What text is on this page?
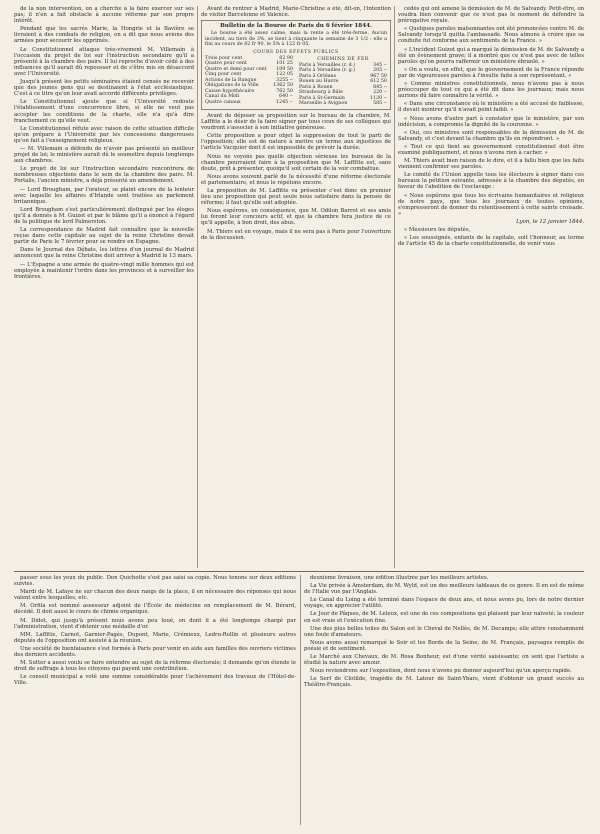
de la non intervention, on a cherché à la faire exercer sur ses pas; il n'en a fait obstacle à aucune réforme par son propre intérêt.

Pendant que les sacrés Marie, la Hongrie et la Bavière se livraient à des combats de religion, on a dit que nous avions des armées pour secourir les opprimés.

Le Constitutionnel attaque très-vivement M. Villemain à l'occasion du projet de loi sur l'instruction secondaire qu'il a présenté à la chambre des pairs. Il lui reproche d'avoir cédé à des influences qu'il aurait dû repousser et de s'être mis en désaccord avec l'Université.

Jusqu'à présent les petits séminaires étaient censés ne recevoir que des jeunes gens qui se destinaient à l'état ecclésiastique. C'est à ce titre qu'on leur avait accordé différents privilèges.

Le Constitutionnel ajoute que si l'Université redoute l'établissement d'une concurrence libre, si elle ne veut pas accepter les conditions de la charte, elle n'a qu'à dire franchement ce qu'elle veut.

Le Constitutionnel réfute avec raison de cette situation difficile qu'on prépare à l'Université par les concessions dangereuses qu'on fait à l'enseignement religieux.

— M. Villemain a défendu de n'avoir pas présenté un meilleur projet de loi; le ministère aurait dû le soumettre depuis longtemps aux chambres.

Le projet de loi sur l'instruction secondaire rencontrera de nombreuses objections dans le sein de la chambre des pairs. M. Portalis, l'ancien ministre, a déjà présenté un amendement.

— Lord Brougham, par l'orateur, se plaint encore de la lenteur avec laquelle les affaires d'Irlande sont traitées au parlement britannique.

Lord Brougham s'est particulièrement distingué par les éloges qu'il a donnés à M. Guizot et par le blâme qu'il a énoncé à l'égard de la politique de lord Palmerston.

La correspondance de Madrid fait connaître que la nouvelle reçue dans cette capitale au sujet de la reine Christine devait partir de Paris le 7 février pour se rendre en Espagne.

Dans le Journal des Débats, les lettres d'un journal de Madrid annoncent que la reine Christine doit arriver à Madrid le 13 mars.

— L'Espagne a une armée de quatre-vingt mille hommes qui est employée à maintenir l'ordre dans les provinces et à surveiller les frontières.

Avant de rentrer à Madrid, Marie-Christine a été, dit-on, l'intention de visiter Barcelonne et Valence.

Bulletin de la Bourse de Paris du 6 février 1844.

Le bourse a été assez calme, mais la rente a été très-ferme. Aucun incident, au tiers de 3%, se tient à cinquante la semaine de 3 1/2 : elle a fini au cours de 82 fr 90, le 5% à 122 fr 05.

COURS DES EFFETS PUBLICS
Trois pour cent	82 90
Quatre pour cent	101 25
Quatre et demi pour cent 109 50
Cinq pour cent	122 05
Actions de la Banque	3255 --
Obligations de la Ville	1362 50
Caisse hypothécaire	762 50
Canal du Midi	640 --
Quatre canaux	1245 --
CHEMINS DE FER
Paris à Versailles (r. d.)	345 --
Paris à Versailles (r. g.)	205 --
Paris à Orléans	967 50
Rouen au Havre	612 50
Paris à Rouen	845 --
Strasbourg à Bâle	220 --
Paris à St-Germain	1120 --
Marseille à Avignon	585 --

Avant de déposer sa proposition sur le bureau de la chambre, M. Laffitte a le désir de la faire signer par tous ceux de ses collègues qui voudront s'associer à son initiative généreuse.

Cette proposition a pour objet la suppression de tout le parti de l'opposition; elle est de nature à mettre un terme aux injustices de l'article Vacquier dont il est impossible de prévoir la durée.

Nous ne voyons pas quelle objection sérieuse les bureaux de la chambre pourraient faire à la proposition que M. Laffitte est, sans doute, prêt à présenter, quoiqu'il soit certain de la voir combattue.

Nous avons souvent parlé de la nécessité d'une réforme électorale et parlementaire, et nous le répétons encore.

La proposition de M. Laffitte va présenter c'est donc en premier lieu une proposition qui peut seule nous satisfaire dans la pensée de réforme; il faut qu'elle soit adoptée.

Nous espérons, en conséquence, que M. Odilon Barrot et ses amis lui feront leur concours actif, et que la chambre fera justice de ce qu'il appelle, à bon droit, des abus.

M. Thiers est en voyage, mais il ne sera pas à Paris pour l'ouverture de la discussion.

cédés qui ont amené la démission de M. de Salvandy. Petit-être, on voudra bien convenir que ce n'est pas le moment de défendre la prérogative royale.

« Quelques paroles malsonnantes ont été prononcées contre M. de Salvandy lorsqu'il quitta l'ambassade. Nous aimons à croire que sa conduite fut conforme aux sentiments de la France. »

« L'incident Guizot qui a marqué la démission de M. de Salvandy a été un évènement grave; il a montré que ce n'est pas avec de telles paroles qu'on pourra raffermir un ministère ébranlé. »

« On a voulu, en effet, que le gouvernement de la France réponde par de vigoureuses paroles à l'insulte faite à son représentant. »

« Comme ministres constitutionnels, nous n'avons pas à nous préoccuper de tout ce qui a été dit dans les journaux; mais nous aurions dû faire connaître la vérité. »

« Dans une circonstance où le ministère a été accusé de faiblesse, il devait montrer qu'il n'avait point faibli. »

« Nous avons d'autre part à constater que le ministère, par son indécision, a compromis la dignité de la couronne. »

« Oui, ces ministres sont responsables de la démission de M. de Salvandy, et c'est devant la chambre qu'ils en répondront. »

« Tout ce qui tient au gouvernement constitutionnel doit être examiné publiquement, et nous n'avons rien à cacher. »

M. Thiers avait bien raison de le dire, et il a fallu bien que les faits viennent confirmer ses paroles.

Le comité de l'Union appelle tous les électeurs à signer dans ces bureaux la pétition suivante, adressée à la chambre des députés, en faveur de l'abolition de l'esclavage :

« Nous espérons que tous les écrivains humanitaires et religieux de notre pays, que tous les journaux de toutes opinions, s'empresseront de donner du retentissement à cette sainte croisade. »

Lyon, le 12 janvier 1844.

« Messieurs les députés,

« Les soussignés, enfants de la capitale, soit l'honneur, au terme de l'article 45 de la charte constitutionnelle, de venir vous

passer sous les yeux du public. Don Quichotte s'est pas saisi sa copie. Nous tenons sur deux éditions suivies.

Mardi de M. Lafaye ne sur chacun des deux rangs de la place, il en nécessaire des réponses qui nous valent entre lesquelles, etc.

M. Orfila est nommé assesseur adjoint de l'École de médecine en remplacement de M. Bérard, décédé. Il doit aussi le cours de chimie organique.

M. Didot, qui jusqu'à présent nous avons peu loué, on dont il a été longtemps chargé par l'administration, vient d'obtenir une médaille d'or.

MM. Laffitte, Carnot, Garnier-Pagès, Dupont, Marie, Crémieux, Ledru-Rollin et plusieurs autres députés de l'opposition ont assisté à la réunion.

Une société de bienfaisance s'est formée à Paris pour venir en aide aux familles des ouvriers victimes des derniers accidents.

M. Sutter a aussi voulu se faire entendre au sujet de la réforme électorale; il demande qu'on étende le droit de suffrage à tous les citoyens qui payent une contribution.

Le conseil municipal a voté une somme considérable pour l'achèvement des travaux de l'Hôtel-de-Ville.

deuxième livraison, une édition illustrée par les meilleurs artistes.

La Vie privée à Amsterdam, de M. Wyld, est un des meilleurs tableaux de ce genre. Il en est de même de l'Italie vue par l'Anglais.

Le Canal du Loing a été terminé dans l'espace de deux ans, et nous avons pu, lors de notre dernier voyage, en apprécier l'utilité.

Le Jour de Pâques, de M. Leleux, est une de ces compositions qui plaisent par leur naïveté; la couleur en est vraie et l'exécution fine.

Une des plus belles toiles du Salon est le Cheval de Nellès, de M. Decamps; elle attire constamment une foule d'amateurs.

Nous avons aussi remarqué le Soir et les Bords de la Seine, de M. Français, paysages remplis de poésie et de sentiment.

Le Marché aux Chevaux, de M. Rosa Bonheur, est d'une vérité saisissante; on sent que l'artiste a étudié la nature avec amour.

Nous reviendrons sur l'exposition, dont nous n'avons pu donner aujourd'hui qu'un aperçu rapide.

Le Serf de Clotilde, tragédie de M. Latour de Saint-Ybars, vient d'obtenir un grand succès au Théâtre-Français.
